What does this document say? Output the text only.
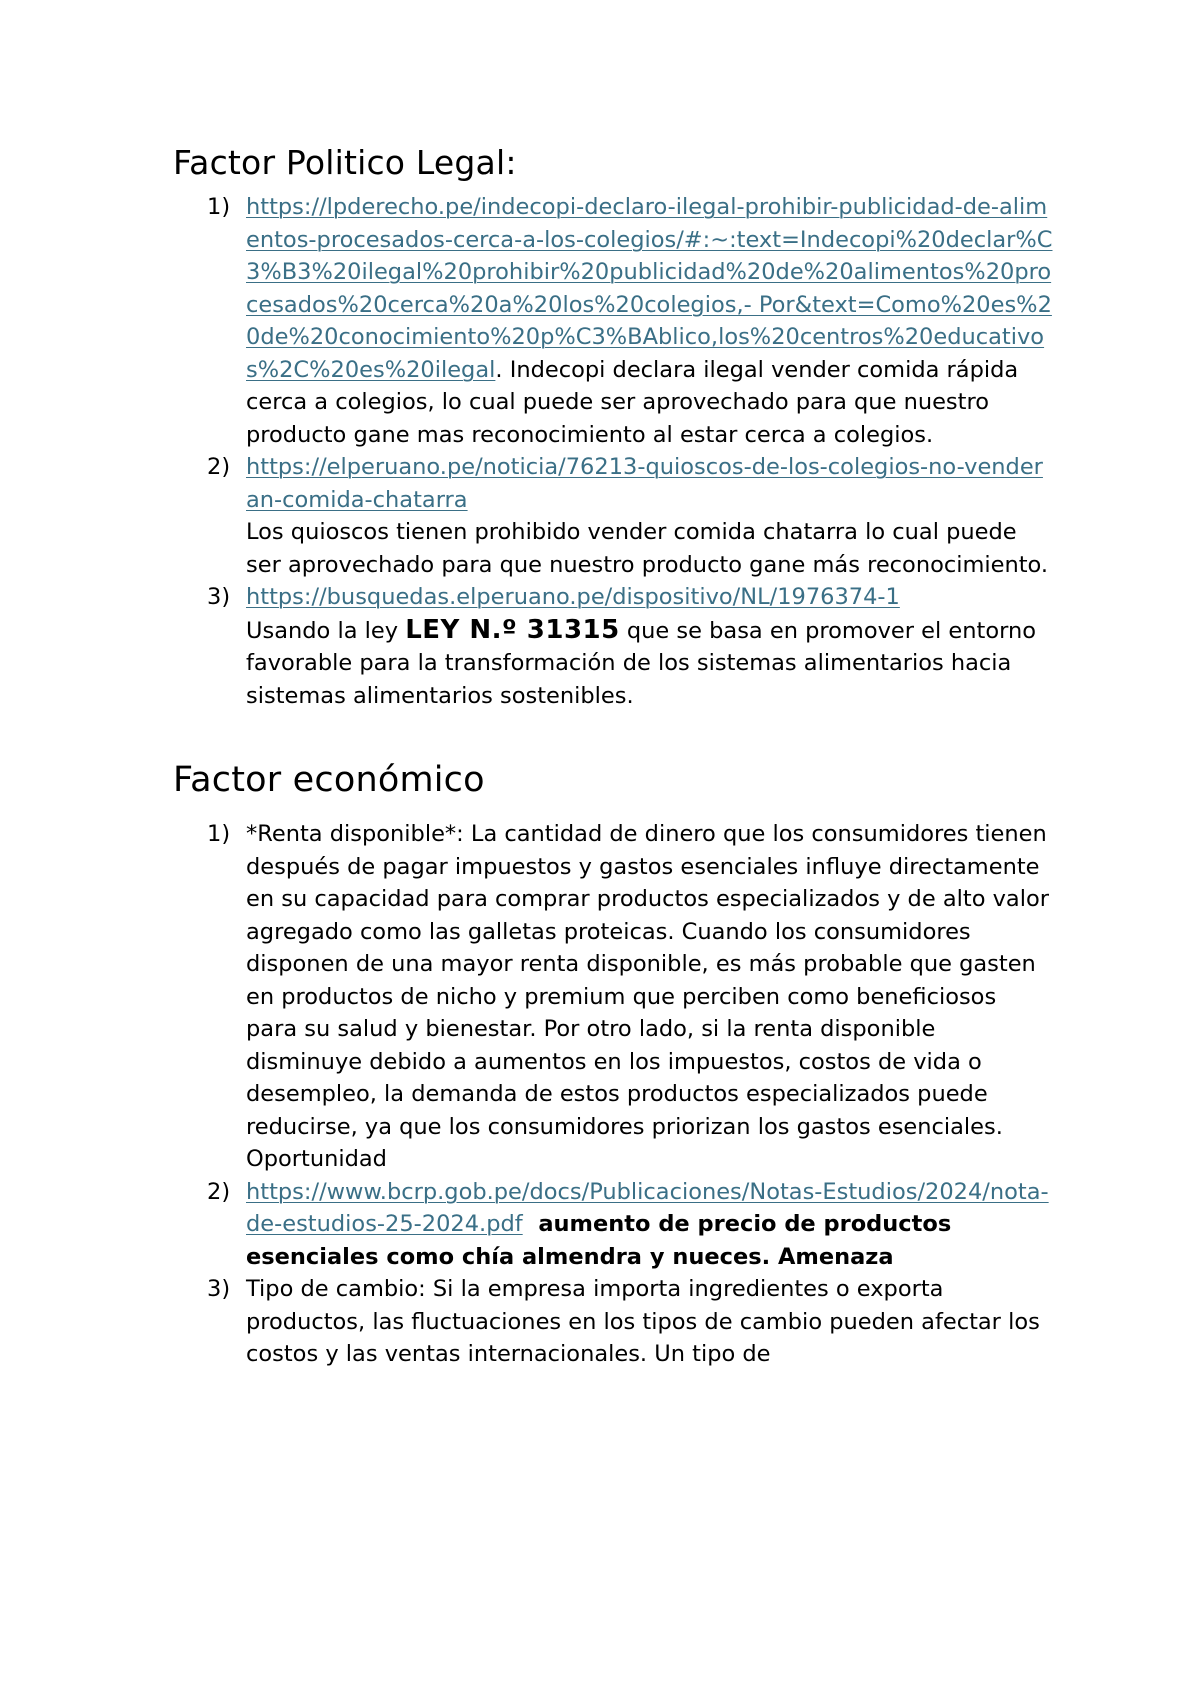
Factor Politico Legal:
1) https://lpderecho.pe/indecopi-declaro-ilegal-prohibir-publicidad-de-alimentos-procesados-cerca-a-los-colegios/#:~:text=Indecopi%20declar%C3%B3%20ilegal%20prohibir%20publicidad%20de%20alimentos%20procesados%20cerca%20a%20los%20colegios,- Por&text=Como%20es%20de%20conocimiento%20p%C3%BAblico,los%20centros%20educativos%2C%20es%20ilegal. Indecopi declara ilegal vender comida rápida cerca a colegios, lo cual puede ser aprovechado para que nuestro producto gane mas reconocimiento al estar cerca a colegios.
2) https://elperuano.pe/noticia/76213-quioscos-de-los-colegios-no-venderan-comida-chatarra
Los quioscos tienen prohibido vender comida chatarra lo cual puede ser aprovechado para que nuestro producto gane más reconocimiento.
3) https://busquedas.elperuano.pe/dispositivo/NL/1976374-1
Usando la ley LEY N.º 31315 que se basa en promover el entorno favorable para la transformación de los sistemas alimentarios hacia sistemas alimentarios sostenibles.
Factor económico
1) *Renta disponible*: La cantidad de dinero que los consumidores tienen después de pagar impuestos y gastos esenciales influye directamente en su capacidad para comprar productos especializados y de alto valor agregado como las galletas proteicas. Cuando los consumidores disponen de una mayor renta disponible, es más probable que gasten en productos de nicho y premium que perciben como beneficiosos para su salud y bienestar. Por otro lado, si la renta disponible disminuye debido a aumentos en los impuestos, costos de vida o desempleo, la demanda de estos productos especializados puede reducirse, ya que los consumidores priorizan los gastos esenciales. Oportunidad
2) https://www.bcrp.gob.pe/docs/Publicaciones/Notas-Estudios/2024/nota-de-estudios-25-2024.pdf  aumento de precio de productos esenciales como chía almendra y nueces. Amenaza
3) Tipo de cambio: Si la empresa importa ingredientes o exporta productos, las fluctuaciones en los tipos de cambio pueden afectar los costos y las ventas internacionales. Un tipo de
